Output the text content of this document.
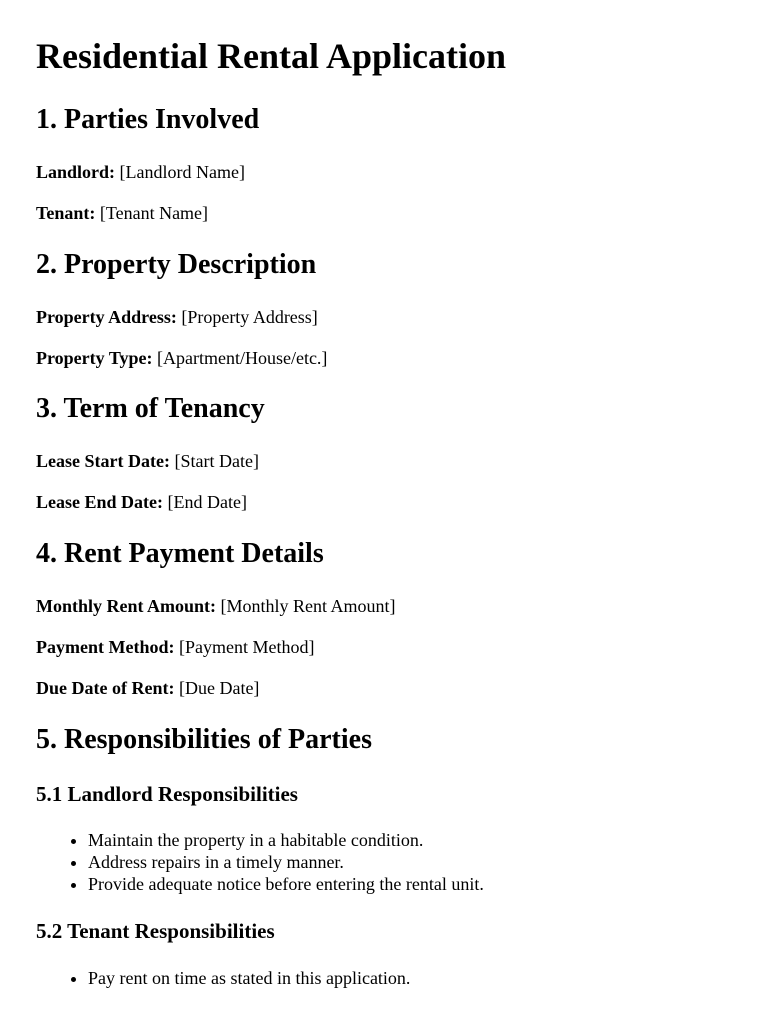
Residential Rental Application
1. Parties Involved

Landlord: [Landlord Name]

Tenant: [Tenant Name]

2. Property Description

Property Address: [Property Address]

Property Type: [Apartment/House/etc.]

3. Term of Tenancy

Lease Start Date: [Start Date]

Lease End Date: [End Date]

4. Rent Payment Details

Monthly Rent Amount: [Monthly Rent Amount]

Payment Method: [Payment Method]

Due Date of Rent: [Due Date]

5. Responsibilities of Parties
5.1 Landlord Responsibilities
• Maintain the property in a habitable condition.
• Address repairs in a timely manner.
• Provide adequate notice before entering the rental unit.
5.2 Tenant Responsibilities
• Pay rent on time as stated in this application.
